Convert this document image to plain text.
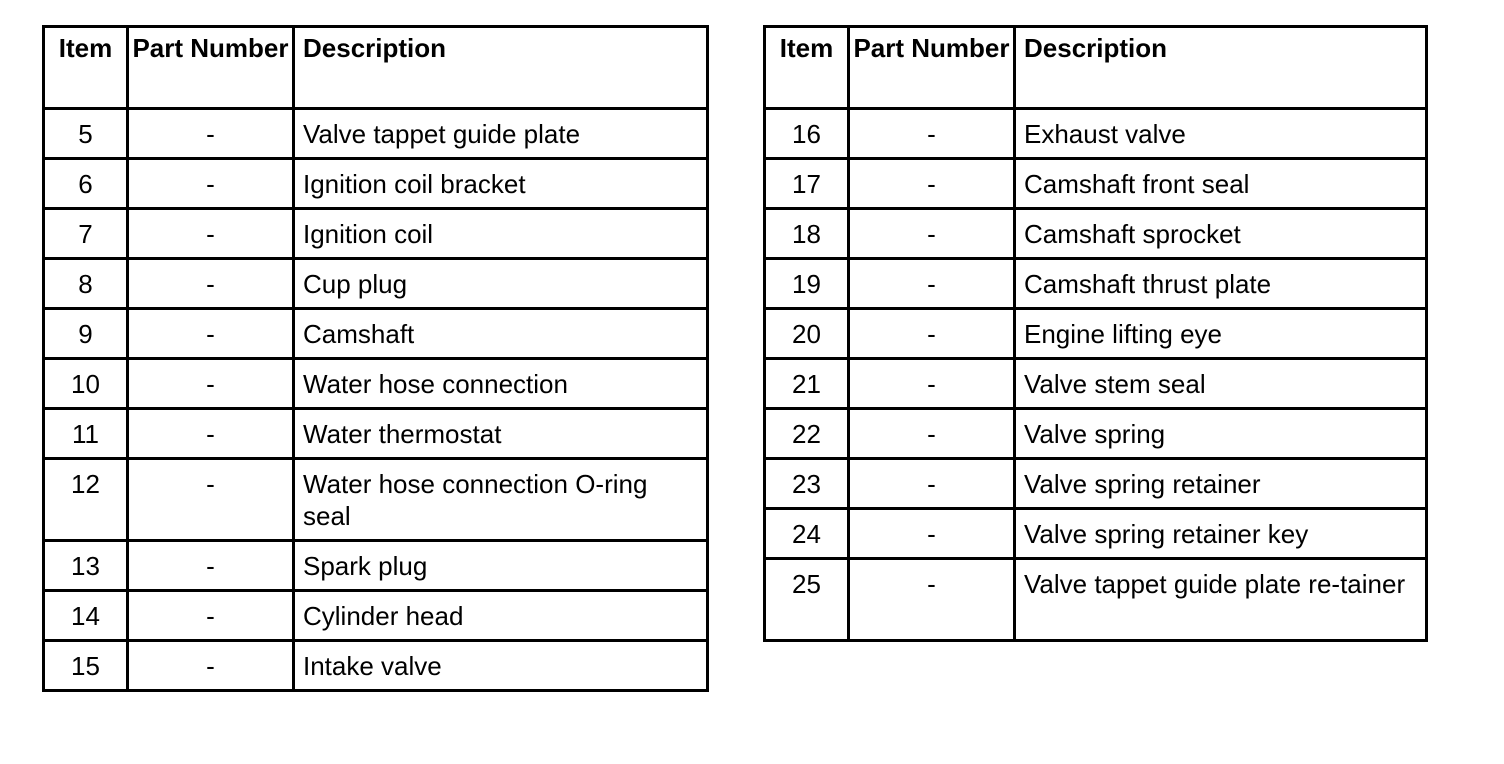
Item	Part Number	Description
5	-	Valve tappet guide plate
6	-	Ignition coil bracket
7	-	Ignition coil
8	-	Cup plug
9	-	Camshaft
10	-	Water hose connection
11	-	Water thermostat
12	-	Water hose connection O-ring seal
13	-	Spark plug
14	-	Cylinder head
15	-	Intake valve
Item	Part Number	Description
16	-	Exhaust valve
17	-	Camshaft front seal
18	-	Camshaft sprocket
19	-	Camshaft thrust plate
20	-	Engine lifting eye
21	-	Valve stem seal
22	-	Valve spring
23	-	Valve spring retainer
24	-	Valve spring retainer key
25	-	Valve tappet guide plate re-tainer
